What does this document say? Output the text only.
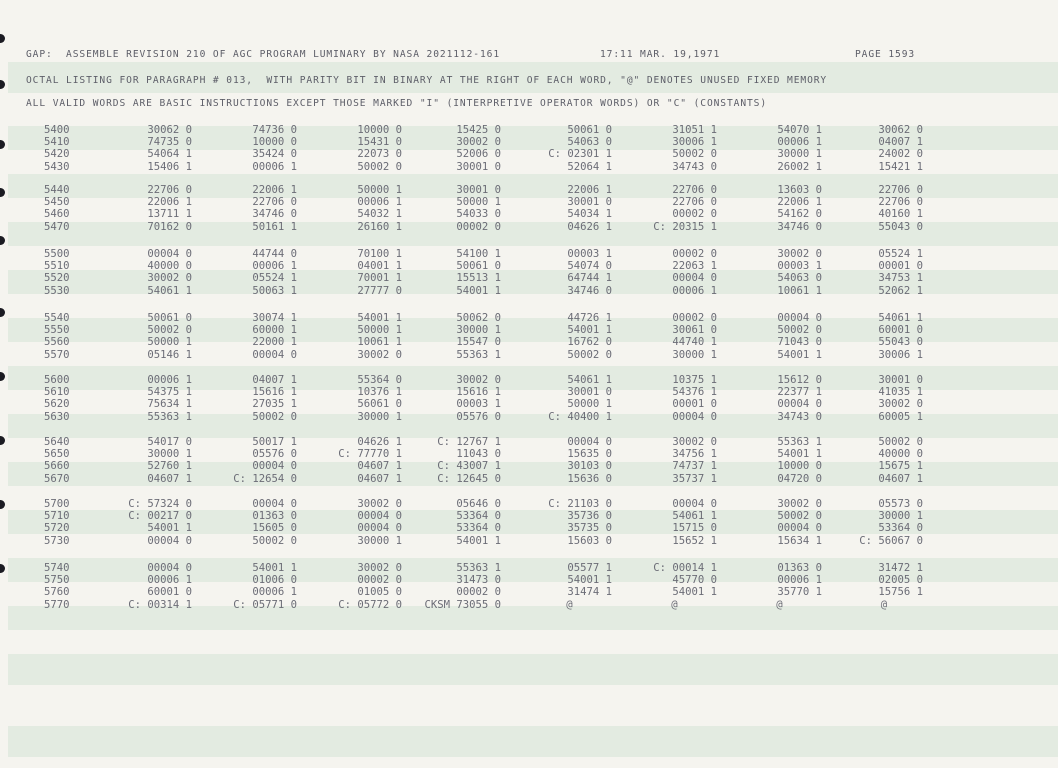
GAP:  ASSEMBLE REVISION 210 OF AGC PROGRAM LUMINARY BY NASA 2021112-161	17:11 MAR. 19,1971	PAGE 1593
OCTAL LISTING FOR PARAGRAPH # 013,  WITH PARITY BIT IN BINARY AT THE RIGHT OF EACH WORD, "@" DENOTES UNUSED FIXED MEMORY
ALL VALID WORDS ARE BASIC INSTRUCTIONS EXCEPT THOSE MARKED "I" (INTERPRETIVE OPERATOR WORDS) OR "C" (CONSTANTS)
5400	30062 0	74736 0	10000 0	15425 0	50061 0	31051 1	54070 1	30062 0
5410	74735 0	10000 0	15431 0	30002 0	54063 0	30006 1	00006 1	04007 1
5420	54064 1	35424 0	22073 0	52006 0	C: 02301 1	50002 0	30000 1	24002 0
5430	15406 1	00006 1	50002 0	30001 0	52064 1	34743 0	26002 1	15421 1
5440	22706 0	22006 1	50000 1	30001 0	22006 1	22706 0	13603 0	22706 0
5450	22006 1	22706 0	00006 1	50000 1	30001 0	22706 0	22006 1	22706 0
5460	13711 1	34746 0	54032 1	54033 0	54034 1	00002 0	54162 0	40160 1
5470	70162 0	50161 1	26160 1	00002 0	04626 1	C: 20315 1	34746 0	55043 0
5500	00004 0	44744 0	70100 1	54100 1	00003 1	00002 0	30002 0	05524 1
5510	40000 0	00006 1	04001 1	50061 0	54074 0	22063 1	00003 1	00001 0
5520	30002 0	05524 1	70001 1	15513 1	64744 1	00004 0	54063 0	34753 1
5530	54061 1	50063 1	27777 0	54001 1	34746 0	00006 1	10061 1	52062 1
5540	50061 0	30074 1	54001 1	50062 0	44726 1	00002 0	00004 0	54061 1
5550	50002 0	60000 1	50000 1	30000 1	54001 1	30061 0	50002 0	60001 0
5560	50000 1	22000 1	10061 1	15547 0	16762 0	44740 1	71043 0	55043 0
5570	05146 1	00004 0	30002 0	55363 1	50002 0	30000 1	54001 1	30006 1
5600	00006 1	04007 1	55364 0	30002 0	54061 1	10375 1	15612 0	30001 0
5610	54375 1	15616 1	10376 1	15616 1	30001 0	54376 1	22377 1	41035 1
5620	75634 1	27035 1	56061 0	00003 1	50000 1	00001 0	00004 0	30002 0
5630	55363 1	50002 0	30000 1	05576 0	C: 40400 1	00004 0	34743 0	60005 1
5640	54017 0	50017 1	04626 1	C: 12767 1	00004 0	30002 0	55363 1	50002 0
5650	30000 1	05576 0	C: 77770 1	11043 0	15635 0	34756 1	54001 1	40000 0
5660	52760 1	00004 0	04607 1	C: 43007 1	30103 0	74737 1	10000 0	15675 1
5670	04607 1	C: 12654 0	04607 1	C: 12645 0	15636 0	35737 1	04720 0	04607 1
5700	C: 57324 0	00004 0	30002 0	05646 0	C: 21103 0	00004 0	30002 0	05573 0
5710	C: 00217 0	01363 0	00004 0	53364 0	35736 0	54061 1	50002 0	30000 1
5720	54001 1	15605 0	00004 0	53364 0	35735 0	15715 0	00004 0	53364 0
5730	00004 0	50002 0	30000 1	54001 1	15603 0	15652 1	15634 1	C: 56067 0
5740	00004 0	54001 1	30002 0	55363 1	05577 1	C: 00014 1	01363 0	31472 1
5750	00006 1	01006 0	00002 0	31473 0	54001 1	45770 0	00006 1	02005 0
5760	60001 0	00006 1	01005 0	00002 0	31474 1	54001 1	35770 1	15756 1
5770	C: 00314 1	C: 05771 0	C: 05772 0	CKSM 73055 0	@	@	@	@
